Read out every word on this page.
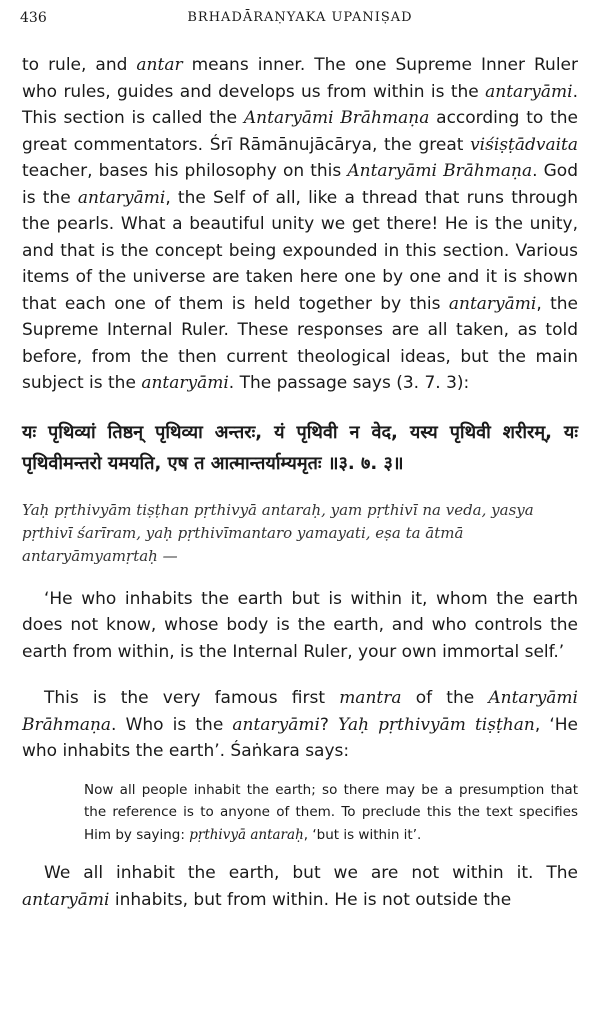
436	BRHADĀRAṆYAKA UPANIṢAD

to rule, and antar means inner. The one Supreme Inner Ruler who rules, guides and develops us from within is the antaryāmi. This section is called the Antaryāmi Brāhmaṇa according to the great commentators. Śrī Rāmānujācārya, the great viśiṣṭādvaita teacher, bases his philosophy on this Antaryāmi Brāhmaṇa. God is the antaryāmi, the Self of all, like a thread that runs through the pearls. What a beautiful unity we get there! He is the unity, and that is the concept being expounded in this section. Various items of the universe are taken here one by one and it is shown that each one of them is held together by this antaryāmi, the Supreme Internal Ruler. These responses are all taken, as told before, from the then current theological ideas, but the main subject is the antaryāmi. The passage says (3. 7. 3):

यः पृथिव्यां तिष्ठन् पृथिव्या अन्तरः, यं पृथिवी न वेद, यस्य पृथिवी शरीरम्, यः पृथिवीमन्तरो यमयति, एष त आत्मान्तर्याम्यमृतः ॥३. ७. ३॥

Yaḥ pṛthivyām tiṣṭhan pṛthivyā antaraḥ, yam pṛthivī na veda, yasya pṛthivī śarīram, yaḥ pṛthivīmantaro yamayati, eṣa ta ātmā antaryāmyamṛtaḥ —

‘He who inhabits the earth but is within it, whom the earth does not know, whose body is the earth, and who controls the earth from within, is the Internal Ruler, your own immortal self.’

This is the very famous first mantra of the Antaryāmi Brāhmaṇa. Who is the antaryāmi? Yaḥ pṛthivyām tiṣṭhan, ‘He who inhabits the earth’. Śaṅkara says:

Now all people inhabit the earth; so there may be a presumption that the reference is to anyone of them. To preclude this the text specifies Him by saying: pṛthivyā antaraḥ, ‘but is within it’.

We all inhabit the earth, but we are not within it. The antaryāmi inhabits, but from within. He is not outside the
